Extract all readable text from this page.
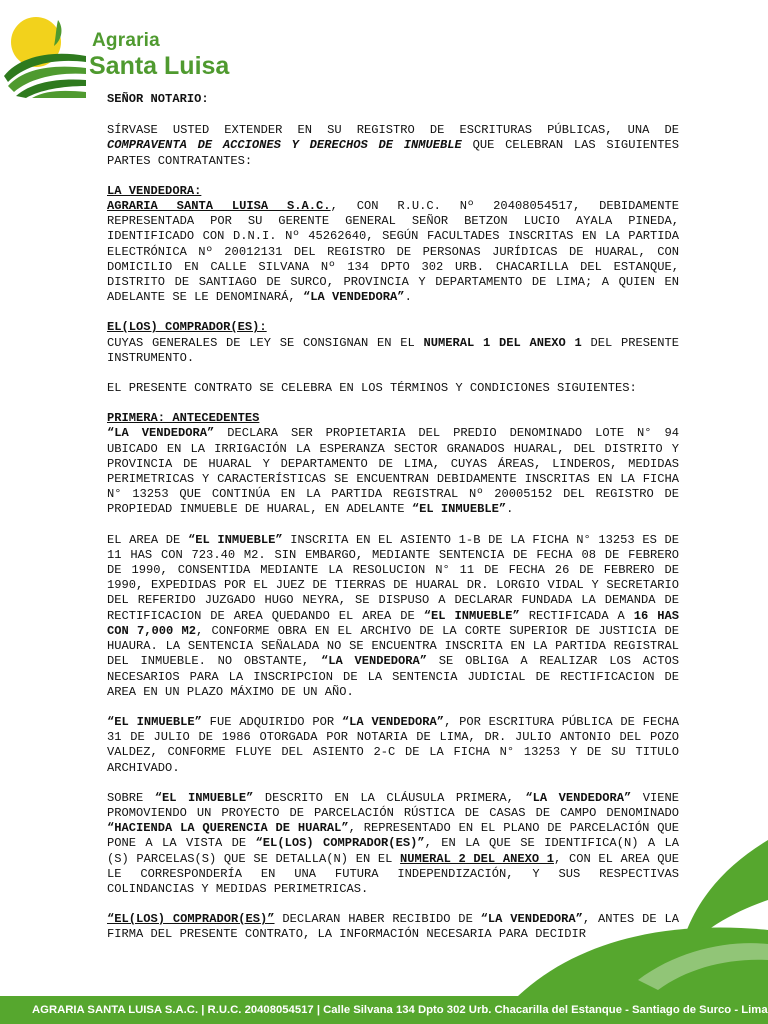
Agraria
Santa Luisa

SEÑOR NOTARIO:

SÍRVASE USTED EXTENDER EN SU REGISTRO DE ESCRITURAS PÚBLICAS, UNA DE COMPRAVENTA DE ACCIONES Y DERECHOS DE INMUEBLE QUE CELEBRAN LAS SIGUIENTES PARTES CONTRATANTES:

LA VENDEDORA:
AGRARIA SANTA LUISA S.A.C., CON R.U.C. Nº 20408054517, DEBIDAMENTE REPRESENTADA POR SU GERENTE GENERAL SEÑOR BETZON LUCIO AYALA PINEDA, IDENTIFICADO CON D.N.I. Nº 45262640, SEGÚN FACULTADES INSCRITAS EN LA PARTIDA ELECTRÓNICA Nº 20012131 DEL REGISTRO DE PERSONAS JURÍDICAS DE HUARAL, CON DOMICILIO EN CALLE SILVANA Nº 134 DPTO 302 URB. CHACARILLA DEL ESTANQUE, DISTRITO DE SANTIAGO DE SURCO, PROVINCIA Y DEPARTAMENTO DE LIMA; A QUIEN EN ADELANTE SE LE DENOMINARÁ, “LA VENDEDORA”.

EL(LOS) COMPRADOR(ES):
CUYAS GENERALES DE LEY SE CONSIGNAN EN EL NUMERAL 1 DEL ANEXO 1 DEL PRESENTE INSTRUMENTO.

EL PRESENTE CONTRATO SE CELEBRA EN LOS TÉRMINOS Y CONDICIONES SIGUIENTES:

PRIMERA: ANTECEDENTES
“LA VENDEDORA” DECLARA SER PROPIETARIA DEL PREDIO DENOMINADO LOTE N° 94 UBICADO EN LA IRRIGACIÓN LA ESPERANZA SECTOR GRANADOS HUARAL, DEL DISTRITO Y PROVINCIA DE HUARAL Y DEPARTAMENTO DE LIMA, CUYAS ÁREAS, LINDEROS, MEDIDAS PERIMETRICAS Y CARACTERÍSTICAS SE ENCUENTRAN DEBIDAMENTE INSCRITAS EN LA FICHA N° 13253 QUE CONTINÚA EN LA PARTIDA REGISTRAL Nº 20005152 DEL REGISTRO DE PROPIEDAD INMUEBLE DE HUARAL, EN ADELANTE “EL INMUEBLE”.

EL AREA DE “EL INMUEBLE” INSCRITA EN EL ASIENTO 1-B DE LA FICHA N° 13253 ES DE 11 HAS CON 723.40 M2. SIN EMBARGO, MEDIANTE SENTENCIA DE FECHA 08 DE FEBRERO DE 1990, CONSENTIDA MEDIANTE LA RESOLUCION N° 11 DE FECHA 26 DE FEBRERO DE 1990, EXPEDIDAS POR EL JUEZ DE TIERRAS DE HUARAL DR. LORGIO VIDAL Y SECRETARIO DEL REFERIDO JUZGADO HUGO NEYRA, SE DISPUSO A DECLARAR FUNDADA LA DEMANDA DE RECTIFICACION DE AREA QUEDANDO EL AREA DE “EL INMUEBLE” RECTIFICADA A 16 HAS CON 7,000 M2, CONFORME OBRA EN EL ARCHIVO DE LA CORTE SUPERIOR DE JUSTICIA DE HUAURA. LA SENTENCIA SEÑALADA NO SE ENCUENTRA INSCRITA EN LA PARTIDA REGISTRAL DEL INMUEBLE. NO OBSTANTE, “LA VENDEDORA” SE OBLIGA A REALIZAR LOS ACTOS NECESARIOS PARA LA INSCRIPCION DE LA SENTENCIA JUDICIAL DE RECTIFICACION DE AREA EN UN PLAZO MÁXIMO DE UN AÑO.

“EL INMUEBLE” FUE ADQUIRIDO POR “LA VENDEDORA”, POR ESCRITURA PÚBLICA DE FECHA 31 DE JULIO DE 1986 OTORGADA POR NOTARIA DE LIMA, DR. JULIO ANTONIO DEL POZO VALDEZ, CONFORME FLUYE DEL ASIENTO 2-C DE LA FICHA N° 13253 Y DE SU TITULO ARCHIVADO.

SOBRE “EL INMUEBLE” DESCRITO EN LA CLÁUSULA PRIMERA, “LA VENDEDORA” VIENE PROMOVIENDO UN PROYECTO DE PARCELACIÓN RÚSTICA DE CASAS DE CAMPO DENOMINADO “HACIENDA LA QUERENCIA DE HUARAL”, REPRESENTADO EN EL PLANO DE PARCELACIÓN QUE PONE A LA VISTA DE “EL(LOS) COMPRADOR(ES)”, EN LA QUE SE IDENTIFICA(N) A LA (S) PARCELAS(S) QUE SE DETALLA(N) EN EL NUMERAL 2 DEL ANEXO 1, CON EL AREA QUE LE CORRESPONDERÍA EN UNA FUTURA INDEPENDIZACIÓN, Y SUS RESPECTIVAS COLINDANCIAS Y MEDIDAS PERIMETRICAS.

“EL(LOS) COMPRADOR(ES)” DECLARAN HABER RECIBIDO DE “LA VENDEDORA”, ANTES DE LA FIRMA DEL PRESENTE CONTRATO, LA INFORMACIÓN NECESARIA PARA DECIDIR

AGRARIA SANTA LUISA S.A.C. | R.U.C. 20408054517 | Calle Silvana 134 Dpto 302 Urb. Chacarilla del Estanque - Santiago de Surco - Lima
